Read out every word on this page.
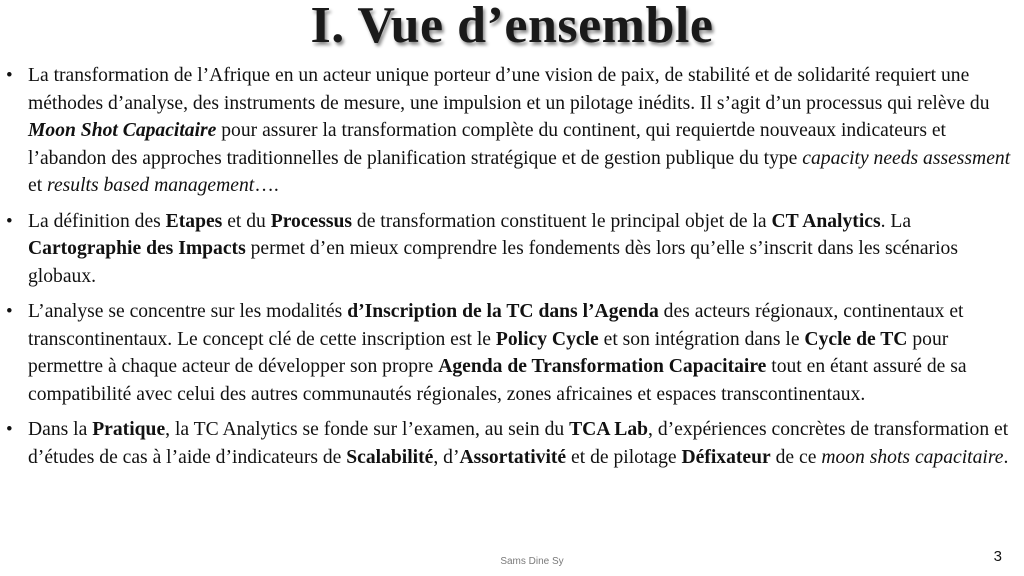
I. Vue d’ensemble
• La transformation de l’Afrique en un acteur unique porteur d’une vision de paix, de stabilité et de solidarité requiert une méthodes d’analyse, des instruments de mesure, une impulsion et un pilotage inédits. Il s’agit d’un processus qui relève du Moon Shot Capacitaire pour assurer la transformation complète du continent, qui requiertde nouveaux indicateurs et l’abandon des approches traditionnelles de planification stratégique et de gestion publique du type capacity needs assessment et results based management….
• La définition des Etapes et du Processus de transformation constituent le principal objet de la CT Analytics. La Cartographie des Impacts permet d’en mieux comprendre les fondements dès lors qu’elle s’inscrit dans les scénarios globaux.
• L’analyse se concentre sur les modalités d’Inscription de la TC dans l’Agenda des acteurs régionaux, continentaux et transcontinentaux. Le concept clé de cette inscription est le Policy Cycle et son intégration dans le Cycle de TC pour permettre à chaque acteur de développer son propre Agenda de Transformation Capacitaire tout en étant assuré de sa compatibilité avec celui des autres communautés régionales, zones africaines et espaces transcontinentaux.
• Dans la Pratique, la TC Analytics se fonde sur l’examen, au sein du TCA Lab, d’expériences concrètes de transformation et d’études de cas à l’aide d’indicateurs de Scalabilité, d’Assortativité et de pilotage Défixateur de ce moon shots capacitaire.
Sams Dine Sy	3
